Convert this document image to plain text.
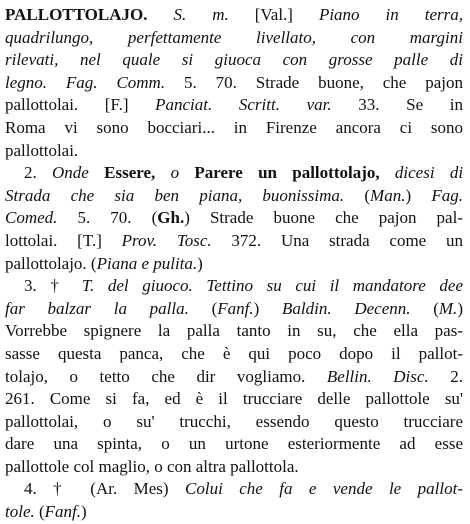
PALLOTTOLAJO. S. m. [Val.] Piano in terra,
quadrilungo, perfettamente livellato, con margini
rilevati, nel quale si giuoca con grosse palle di
legno. Fag. Comm. 5. 70. Strade buone, che pajon
pallottolai. [F.] Panciat. Scritt. var. 33. Se in
Roma vi sono bocciari... in Firenze ancora ci sono
pallottolai.
2. Onde Essere, o Parere un pallottolajo, dicesi di
Strada che sia ben piana, buonissima. (Man.) Fag.
Comed. 5. 70. (Gh.) Strade buone che pajon pal-
lottolai. [T.] Prov. Tosc. 372. Una strada come un
pallottolajo. (Piana e pulita.)
3. † T. del giuoco. Tettino su cui il mandatore dee
far balzar la palla. (Fanf.) Baldin. Decenn. (M.)
Vorrebbe spignere la palla tanto in su, che ella pas-
sasse questa panca, che è qui poco dopo il pallot-
tolajo, o tetto che dir vogliamo. Bellin. Disc. 2.
261. Come si fa, ed è il trucciare delle pallottole su'
pallottolai, o su' trucchi, essendo questo trucciare
dare una spinta, o un urtone esteriormente ad esse
pallottole col maglio, o con altra pallottola.
4. † (Ar. Mes) Colui che fa e vende le pallot-
tole. (Fanf.)
